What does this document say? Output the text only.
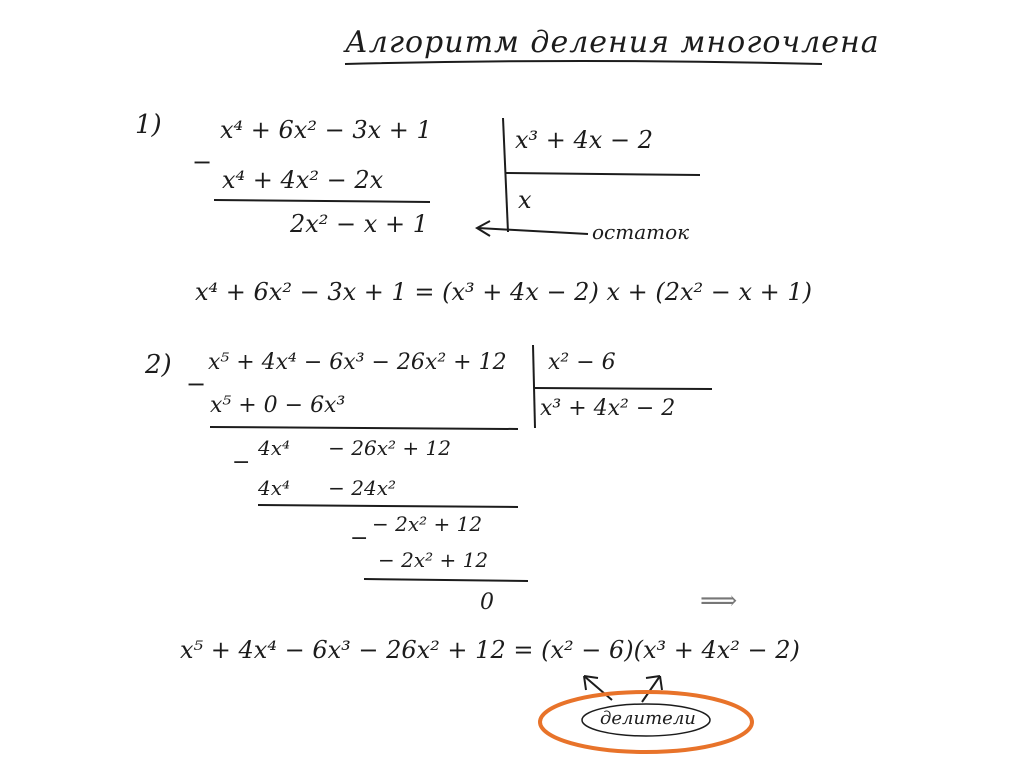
Алгоритм деления многочлена
1) x⁴ + 6x² − 3x + 1
−
x⁴ + 4x² − 2x
x³ + 4x − 2
x
2x² − x + 1	остаток
x⁴ + 6x² − 3x + 1 = (x³ + 4x − 2) x + (2x² − x + 1)
2)
−
x⁵ + 4x⁴ − 6x³ − 26x² + 12 x² − 6
x³ + 4x² − 2
x⁵ + 0 − 6x³
−
4x⁴      − 26x² + 12
4x⁴      − 24x²
−
− 2x² + 12
− 2x² + 12
0	⟹
x⁵ + 4x⁴ − 6x³ − 26x² + 12 = (x² − 6)(x³ + 4x² − 2)
делители
